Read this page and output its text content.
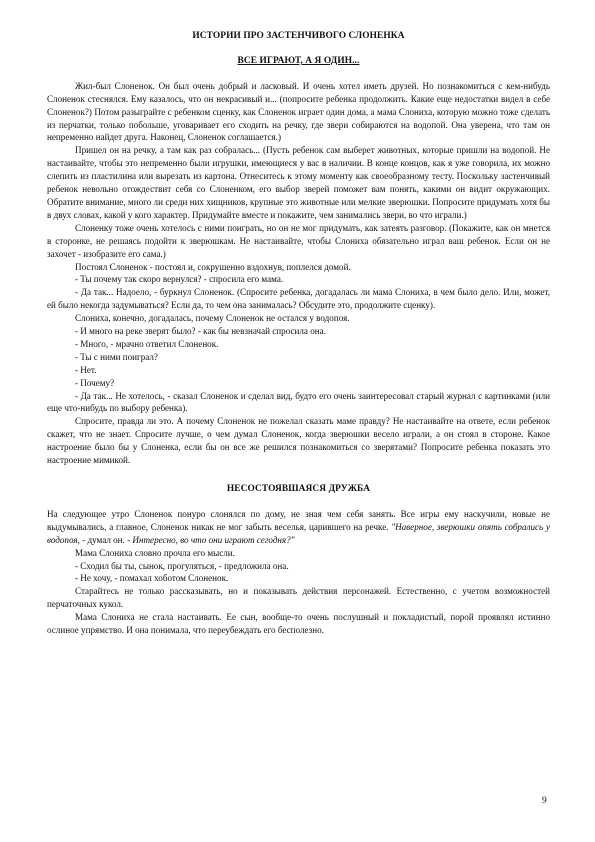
ИСТОРИИ ПРО ЗАСТЕНЧИВОГО СЛОНЕНКА
ВСЕ ИГРАЮТ, А Я ОДИН...

Жил-был Слоненок. Он был очень добрый и ласковый. И очень хотел иметь друзей. Но познакомиться с кем-нибудь Слоненок стеснялся. Ему казалось, что он некрасивый и... (попросите ребенка продолжить. Какие еще недостатки видел в себе Слоненок?) Потом разыграйте с ребенком сценку, как Слоненок играет один дома, а мама Слониха, которую можно тоже сделать из перчатки, только побольше, уговаривает его сходить на речку, где звери собираются на водопой. Она уверена, что там он непременно найдет друга. Наконец, Слоненок соглашается.)

Пришел он на речку, а там как раз собралась... (Пусть ребенок сам выберет животных, которые пришли на водопой. Не настаивайте, чтобы это непременно были игрушки, имеющиеся у вас в наличии. В конце концов, как я уже говорила, их можно слепить из пластилина или вырезать из картона. Отнеситесь к этому моменту как своеобразному тесту. Поскольку застенчивый ребенок невольно отождествит себя со Слоненком, его выбор зверей поможет вам понять, какими он видит окружающих. Обратите внимание, много ли среди них хищников, крупные это животные или мелкие зверюшки. Попросите придумать хотя бы в двух словах, какой у кого характер. Придумайте вместе и покажите, чем занимались звери, во что играли.)

Слоненку тоже очень хотелось с ними поиграть, но он не мог придумать, как затеять разговор. (Покажите, как он мнется в сторонке, не решаясь подойти к зверюшкам. Не настаивайте, чтобы Слониха обязательно играл ваш ребенок. Если он не захочет - изобразите его сама.)

Постоял Слоненок - постоял и, сокрушенно вздохнув, поплелся домой.

- Ты почему так скоро вернулся? - спросила его мама.

- Да так... Надоело, - буркнул Слоненок. (Спросите ребенка, догадалась ли мама Слониха, в чем было дело. Или, может, ей было некогда задумываться? Если да, то чем она занималась? Обсудите это, продолжите сценку).

Слониха, конечно, догадалась, почему Слоненок не остался у водопоя.

- И много на реке зверят было? - как бы невзначай спросила она.

- Много, - мрачно ответил Слоненок.

- Ты с ними поиграл?

- Нет.

- Почему?

- Да так... Не хотелось, - сказал Слоненок и сделал вид, будто его очень заинтересовал старый журнал с картинками (или еще что-нибудь по выбору ребенка).

Спросите, правда ли это. А почему Слоненок не пожелал сказать маме правду? Не настаивайте на ответе, если ребенок скажет, что не знает. Спросите лучше, о чем думал Слоненок, когда зверюшки весело играли, а он стоял в стороне. Какое настроение было бы у Слоненка, если бы он все же решился познакомиться со зверятами? Попросите ребенка показать это настроение мимикой.

НЕСОСТОЯВШАЯСЯ ДРУЖБА

На следующее утро Слоненок понуро слонялся по дому, не зная чем себя занять. Все игры ему наскучили, новые не выдумывались, а главное, Слоненок никак не мог забыть веселья, царившего на речке. "Наверное, зверюшки опять собрались у водопоя, - думал он. - Интересно, во что они играют сегодня?"

Мама Слониха словно прочла его мысли.

- Сходил бы ты, сынок, прогуляться, - предложила она.

- Не хочу, - помахал хоботом Слоненок.

Старайтесь не только рассказывать, но и показывать действия персонажей. Естественно, с учетом возможностей перчаточных кукол.

Мама Слониха не стала настаивать. Ее сын, вообще-то очень послушный и покладистый, порой проявлял истинно ослиное упрямство. И она понимала, что переубеждать его бесполезно.

9
